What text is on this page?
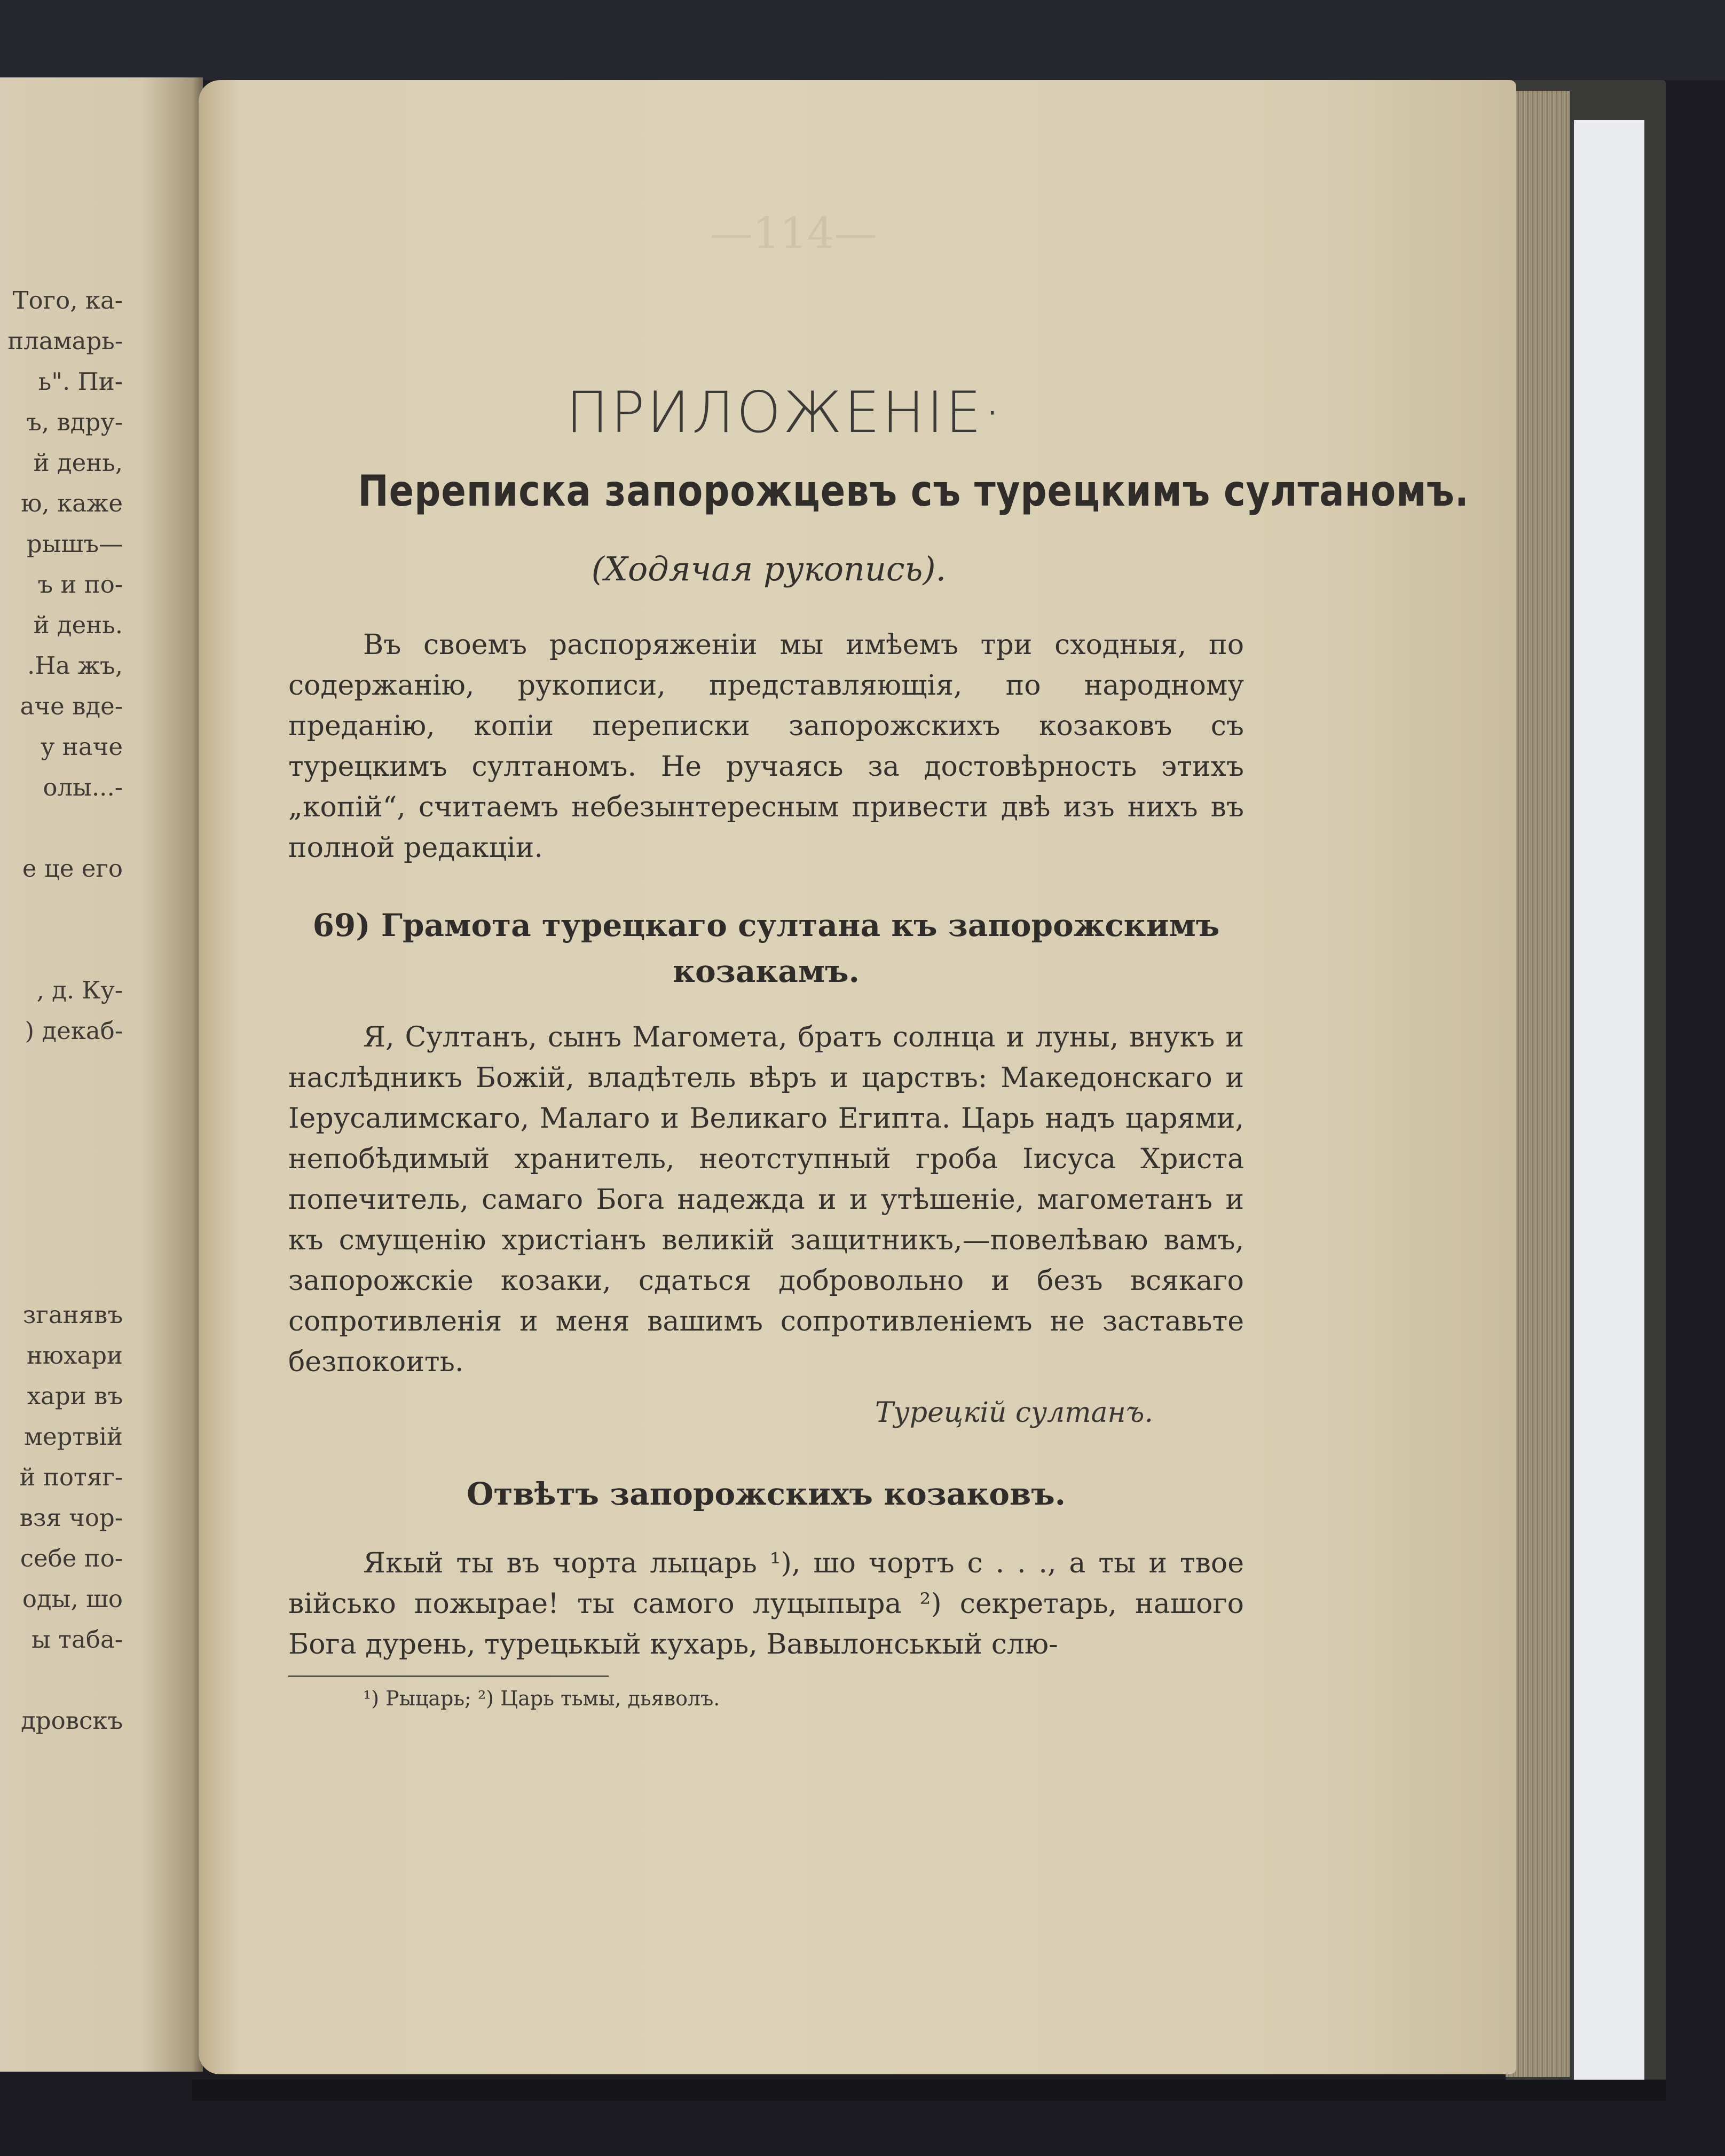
Того, ка-
пламарь-
ь". Пи-
ъ, вдру-
й день,
ю, каже
рышъ—
ъ и по-
й день.
.На жъ,
аче вде-
у наче
олы...-
е це его
, д. Ку-
) декаб-
зганявъ
нюхари
хари въ
мертвій
й потяг-
взя чор-
себе по-
оды, шо
ы таба-
дровскъ
—114—
ПРИЛОЖЕНІЕ·
Переписка запорожцевъ съ турецкимъ султаномъ.
(Ходячая рукопись).

Въ своемъ распоряженіи мы имѣемъ три сходныя, по содержанію, рукописи, представляющія, по народному преданію, копіи переписки запорожскихъ козаковъ съ турецкимъ султаномъ. Не ручаясь за достовѣрность этихъ „копій“, считаемъ небезынтересным привести двѣ изъ нихъ въ полной редакціи.

69) Грамота турецкаго султана къ запорожскимъ козакамъ.

Я, Султанъ, сынъ Магомета, братъ солнца и луны, внукъ и наслѣдникъ Божій, владѣтель вѣръ и царствъ: Македонскаго и Іерусалимскаго, Малаго и Великаго Египта. Царь надъ царями, непобѣдимый хранитель, неотступный гроба Іисуса Христа попечитель, самаго Бога надежда и и утѣшеніе, магометанъ и къ смущенію христіанъ великій защитникъ,—повелѣваю вамъ, запорожскіе козаки, сдаться добровольно и безъ всякаго сопротивленія и меня вашимъ сопротивленіемъ не заставьте безпокоить.

Турецкій султанъ.
Отвѣтъ запорожскихъ козаковъ.

Якый ты въ чорта лыцарь ¹), шо чортъ с . . ., а ты и твое військо пожырае! ты самого луцыпыра ²) секретарь, нашого Бога дурень, турецькый кухарь, Вавылонськый слю-

¹) Рыцарь; ²) Царь тьмы, дьяволъ.
